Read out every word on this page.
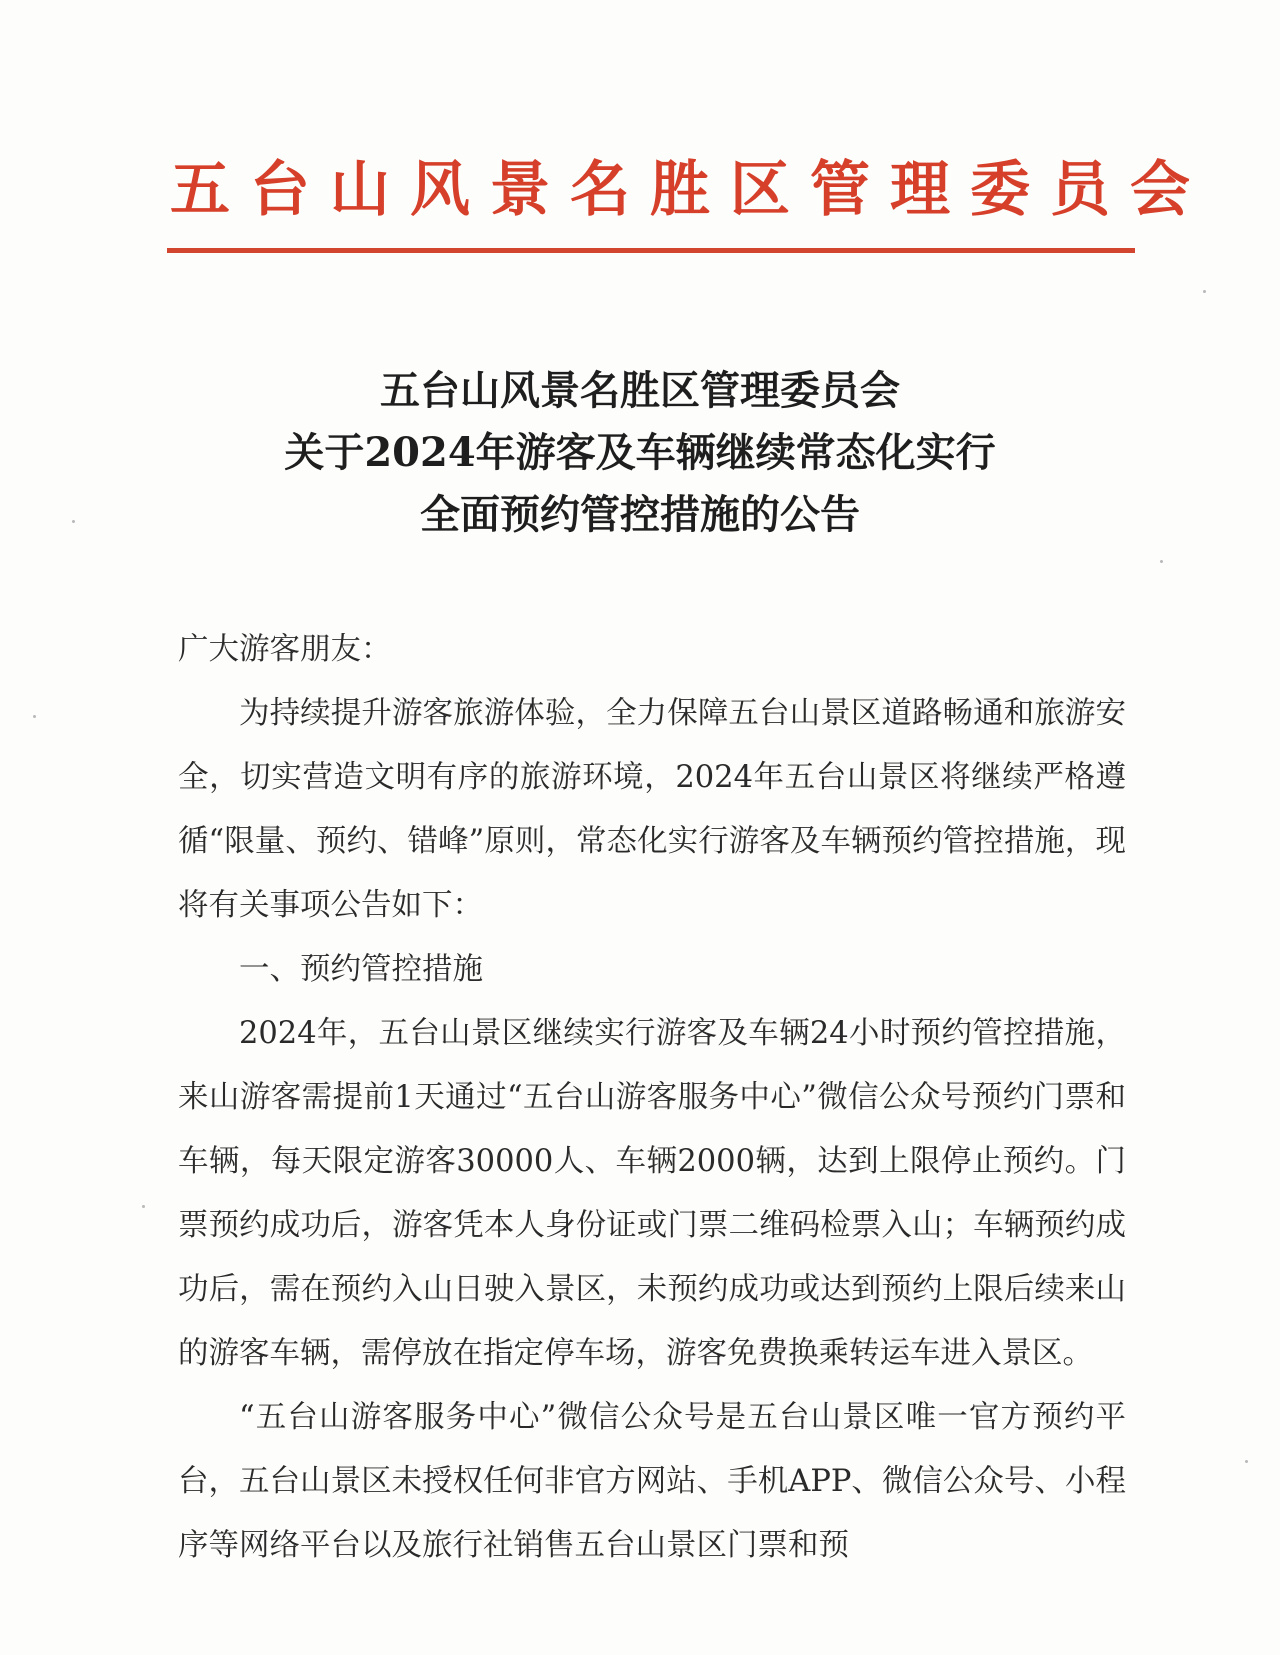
五台山风景名胜区管理委员会
五台山风景名胜区管理委员会
关于2024年游客及车辆继续常态化实行
全面预约管控措施的公告

广大游客朋友：

为持续提升游客旅游体验，全力保障五台山景区道路畅通和旅游安全，切实营造文明有序的旅游环境，2024年五台山景区将继续严格遵循“限量、预约、错峰”原则，常态化实行游客及车辆预约管控措施，现将有关事项公告如下：

一、预约管控措施

2024年，五台山景区继续实行游客及车辆24小时预约管控措施，来山游客需提前1天通过“五台山游客服务中心”微信公众号预约门票和车辆，每天限定游客30000人、车辆2000辆，达到上限停止预约。门票预约成功后，游客凭本人身份证或门票二维码检票入山；车辆预约成功后，需在预约入山日驶入景区，未预约成功或达到预约上限后续来山的游客车辆，需停放在指定停车场，游客免费换乘转运车进入景区。

“五台山游客服务中心”微信公众号是五台山景区唯一官方预约平台，五台山景区未授权任何非官方网站、手机APP、微信公众号、小程序等网络平台以及旅行社销售五台山景区门票和预
